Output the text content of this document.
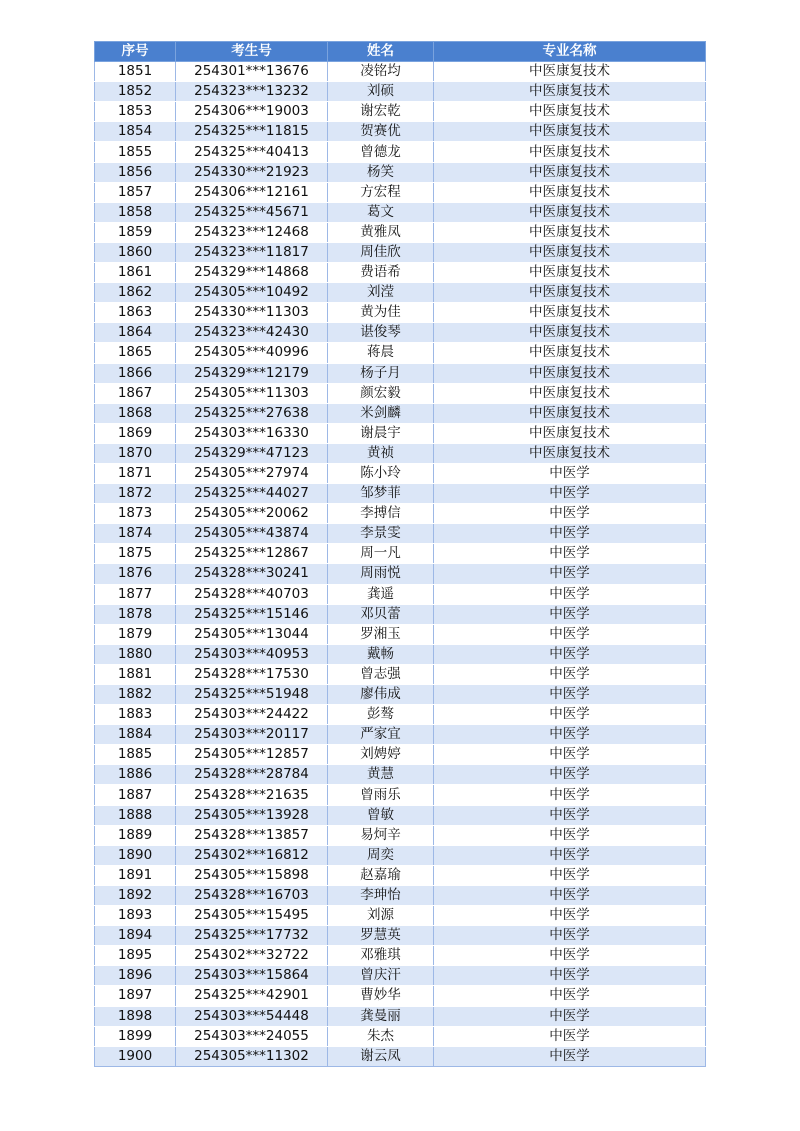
序号	考生号	姓名	专业名称
1851	254301***13676	凌铭均	中医康复技术
1852	254323***13232	刘硕	中医康复技术
1853	254306***19003	谢宏乾	中医康复技术
1854	254325***11815	贺赛优	中医康复技术
1855	254325***40413	曾德龙	中医康复技术
1856	254330***21923	杨笑	中医康复技术
1857	254306***12161	方宏程	中医康复技术
1858	254325***45671	葛文	中医康复技术
1859	254323***12468	黄雅凤	中医康复技术
1860	254323***11817	周佳欣	中医康复技术
1861	254329***14868	费语希	中医康复技术
1862	254305***10492	刘滢	中医康复技术
1863	254330***11303	黄为佳	中医康复技术
1864	254323***42430	谌俊琴	中医康复技术
1865	254305***40996	蒋晨	中医康复技术
1866	254329***12179	杨子月	中医康复技术
1867	254305***11303	颜宏毅	中医康复技术
1868	254325***27638	米剑麟	中医康复技术
1869	254303***16330	谢晨宇	中医康复技术
1870	254329***47123	黄祯	中医康复技术
1871	254305***27974	陈小玲	中医学
1872	254325***44027	邹梦菲	中医学
1873	254305***20062	李搏信	中医学
1874	254305***43874	李景雯	中医学
1875	254325***12867	周一凡	中医学
1876	254328***30241	周雨悦	中医学
1877	254328***40703	龚遥	中医学
1878	254325***15146	邓贝蕾	中医学
1879	254305***13044	罗湘玉	中医学
1880	254303***40953	戴畅	中医学
1881	254328***17530	曾志强	中医学
1882	254325***51948	廖伟成	中医学
1883	254303***24422	彭骜	中医学
1884	254303***20117	严家宜	中医学
1885	254305***12857	刘娉婷	中医学
1886	254328***28784	黄慧	中医学
1887	254328***21635	曾雨乐	中医学
1888	254305***13928	曾敏	中医学
1889	254328***13857	易炣辛	中医学
1890	254302***16812	周奕	中医学
1891	254305***15898	赵嘉瑜	中医学
1892	254328***16703	李珅怡	中医学
1893	254305***15495	刘源	中医学
1894	254325***17732	罗慧英	中医学
1895	254302***32722	邓雅琪	中医学
1896	254303***15864	曾庆汗	中医学
1897	254325***42901	曹妙华	中医学
1898	254303***54448	龚曼丽	中医学
1899	254303***24055	朱杰	中医学
1900	254305***11302	谢云凤	中医学
